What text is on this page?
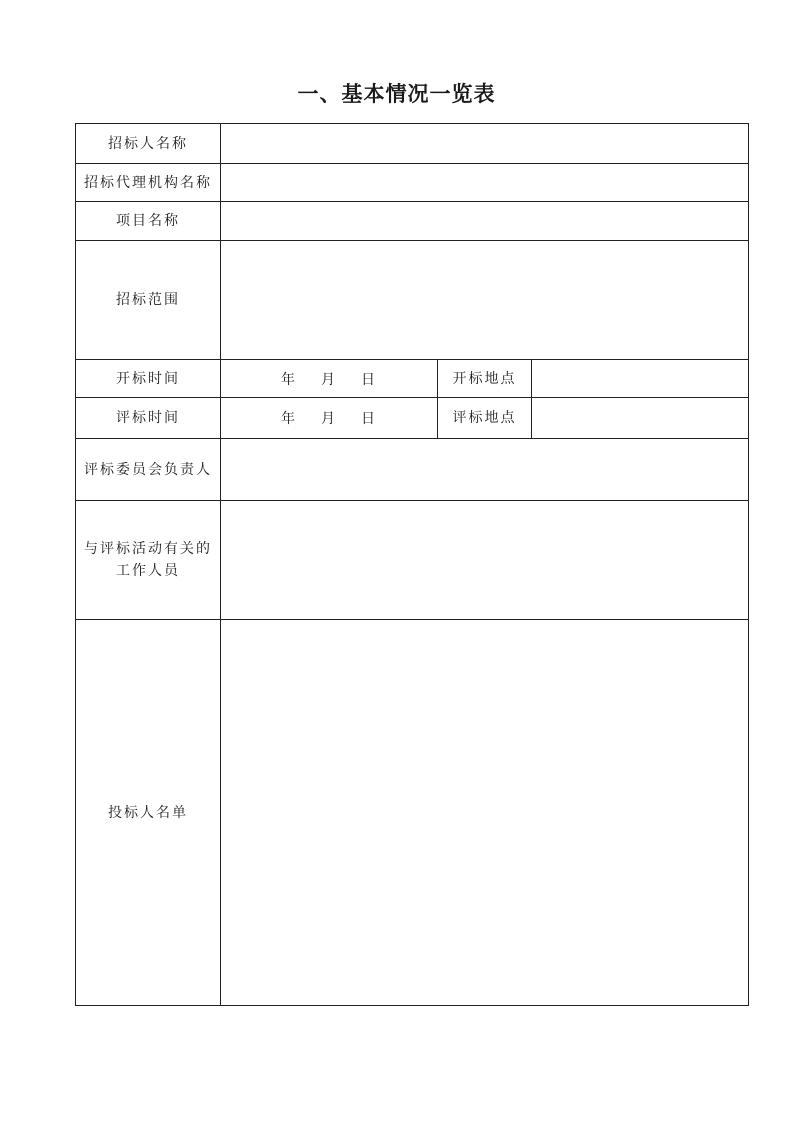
一、基本情况一览表
招标人名称			
招标代理机构名称			
项目名称			
招标范围			
开标时间	年 月 日	开标地点	
评标时间	年 月 日	评标地点	
评标委员会负责人			

与评标活动有关的
工作人员			

投标人名单			
